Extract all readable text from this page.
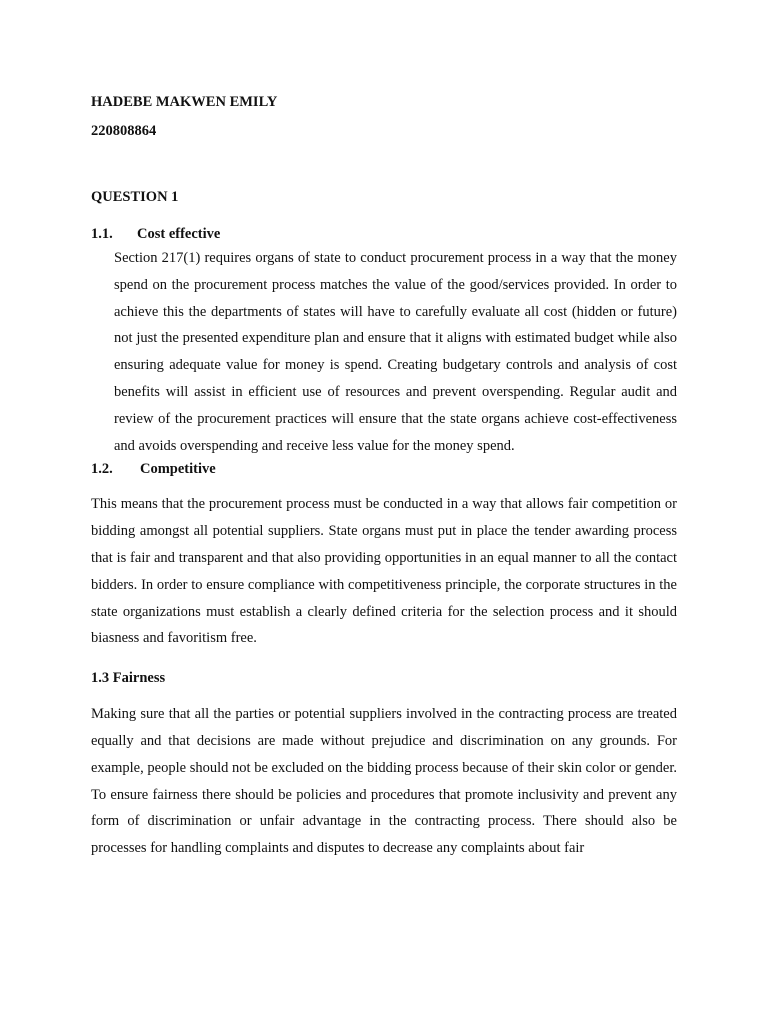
HADEBE MAKWEN EMILY

220808864

QUESTION 1

1.1.	Cost effective

Section 217(1) requires organs of state to conduct procurement process in a way that the money spend on the procurement process matches the value of the good/services provided. In order to achieve this the departments of states will have to carefully evaluate all cost (hidden or future) not just the presented expenditure plan and ensure that it aligns with estimated budget while also ensuring adequate value for money is spend. Creating budgetary controls and analysis of cost benefits will assist in efficient use of resources and prevent overspending. Regular audit and review of the procurement practices will ensure that the state organs achieve cost-effectiveness and avoids overspending and receive less value for the money spend.

1.2.	Competitive

This means that the procurement process must be conducted in a way that allows fair competition or bidding amongst all potential suppliers. State organs must put in place the tender awarding process that is fair and transparent and that also providing opportunities in an equal manner to all the contact bidders. In order to ensure compliance with competitiveness principle, the corporate structures in the state organizations must establish a clearly defined criteria for the selection process and it should biasness and favoritism free.

1.3 Fairness

Making sure that all the parties or potential suppliers involved in the contracting process are treated equally and that decisions are made without prejudice and discrimination on any grounds. For example, people should not be excluded on the bidding process because of their skin color or gender. To ensure fairness there should be policies and procedures that promote inclusivity and prevent any form of discrimination or unfair advantage in the contracting process. There should also be processes for handling complaints and disputes to decrease any complaints about fair
